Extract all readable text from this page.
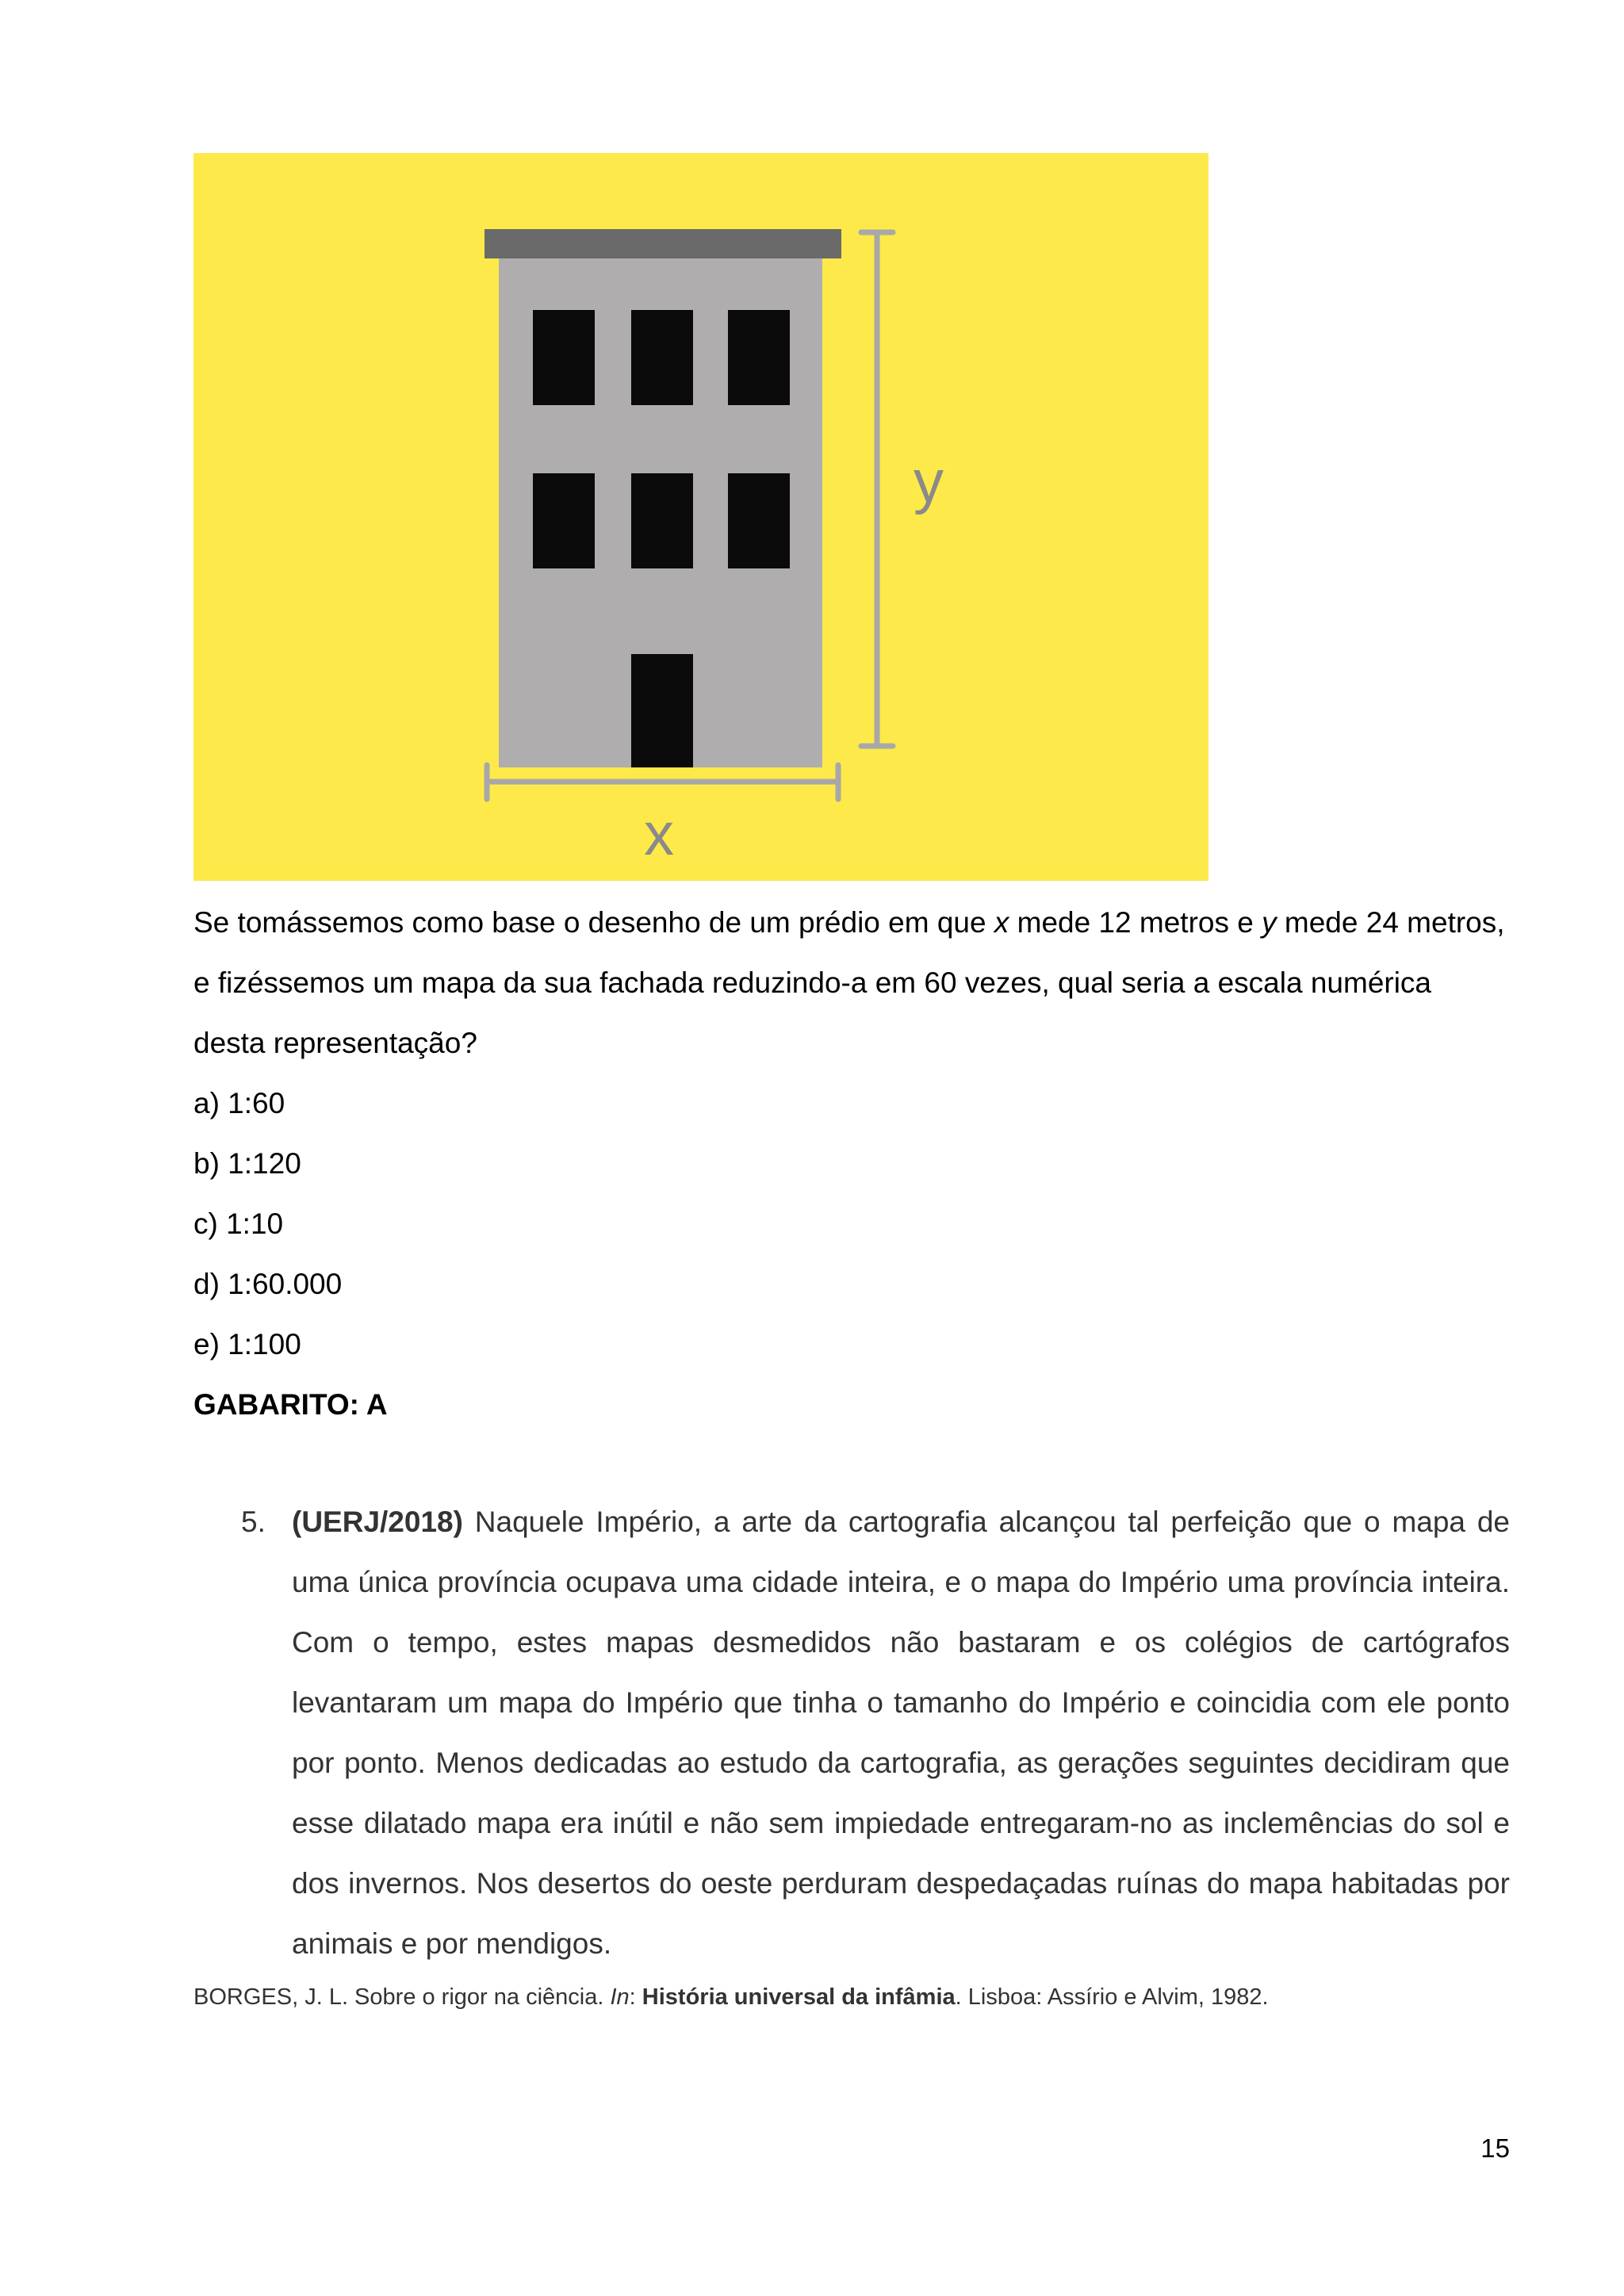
y
x
Se tomássemos como base o desenho de um prédio em que x mede 12 metros e y mede 24 metros, e fizéssemos um mapa da sua fachada reduzindo-a em 60 vezes, qual seria a escala numérica desta representação?
a) 1:60
b) 1:120
c) 1:10
d) 1:60.000
e) 1:100
GABARITO: A
5. (UERJ/2018) Naquele Império, a arte da cartografia alcançou tal perfeição que o mapa de uma única província ocupava uma cidade inteira, e o mapa do Império uma província inteira. Com o tempo, estes mapas desmedidos não bastaram e os colégios de cartógrafos levantaram um mapa do Império que tinha o tamanho do Império e coincidia com ele ponto por ponto. Menos dedicadas ao estudo da cartografia, as gerações seguintes decidiram que esse dilatado mapa era inútil e não sem impiedade entregaram-no as inclemências do sol e dos invernos. Nos desertos do oeste perduram despedaçadas ruínas do mapa habitadas por animais e por mendigos.
BORGES, J. L. Sobre o rigor na ciência. In: História universal da infâmia. Lisboa: Assírio e Alvim, 1982.
15
